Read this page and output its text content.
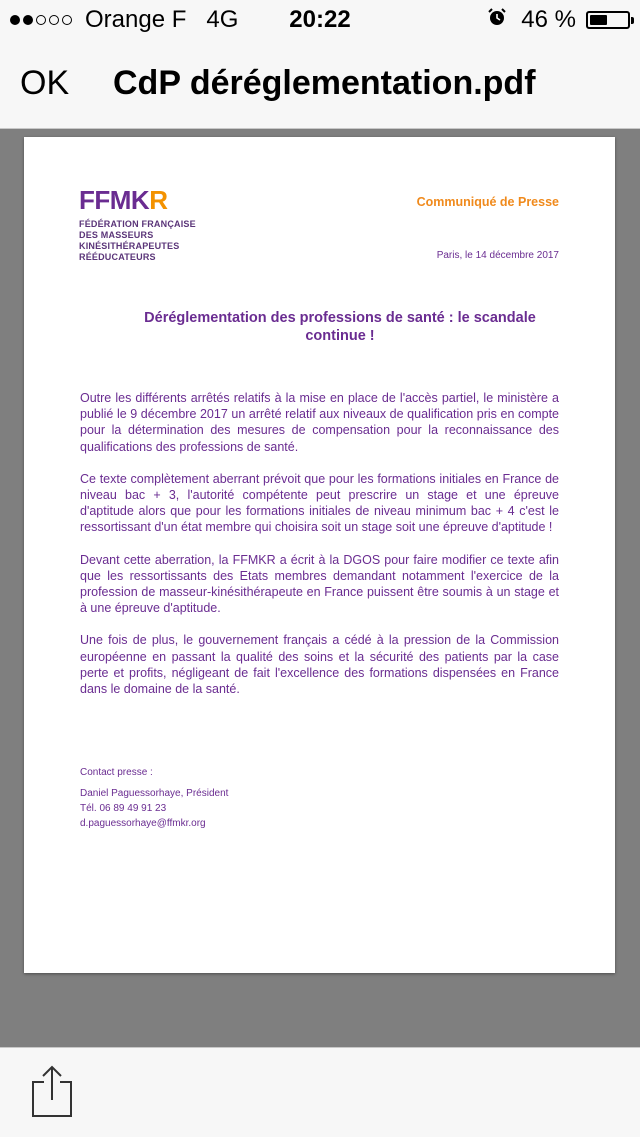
Orange F 4G	20:22	46 %
OK CdP déréglementation.pdf
FFMKR
FÉDÉRATION FRANÇAISE
DES MASSEURS
KINÉSITHÉRAPEUTES
RÉÉDUCATEURS
Communiqué de Presse
Paris, le 14 décembre 2017
Déréglementation des professions de santé : le scandale continue !

Outre les différents arrêtés relatifs à la mise en place de l'accès partiel, le ministère a publié le 9 décembre 2017 un arrêté relatif aux niveaux de qualification pris en compte pour la détermination des mesures de compensation pour la reconnaissance des qualifications des professions de santé.

Ce texte complètement aberrant prévoit que pour les formations initiales en France de niveau bac + 3, l'autorité compétente peut prescrire un stage et une épreuve d'aptitude alors que pour les formations initiales de niveau minimum bac + 4 c'est le ressortissant d'un état membre qui choisira soit un stage soit une épreuve d'aptitude !

Devant cette aberration, la FFMKR a écrit à la DGOS pour faire modifier ce texte afin que les ressortissants des Etats membres demandant notamment l'exercice de la profession de masseur-kinésithérapeute en France puissent être soumis à un stage et à une épreuve d'aptitude.

Une fois de plus, le gouvernement français a cédé à la pression de la Commission européenne en passant la qualité des soins et la sécurité des patients par la case perte et profits, négligeant de fait l'excellence des formations dispensées en France dans le domaine de la santé.

Contact presse :
Daniel Paguessorhaye, Président
Tél. 06 89 49 91 23
d.paguessorhaye@ffmkr.org
